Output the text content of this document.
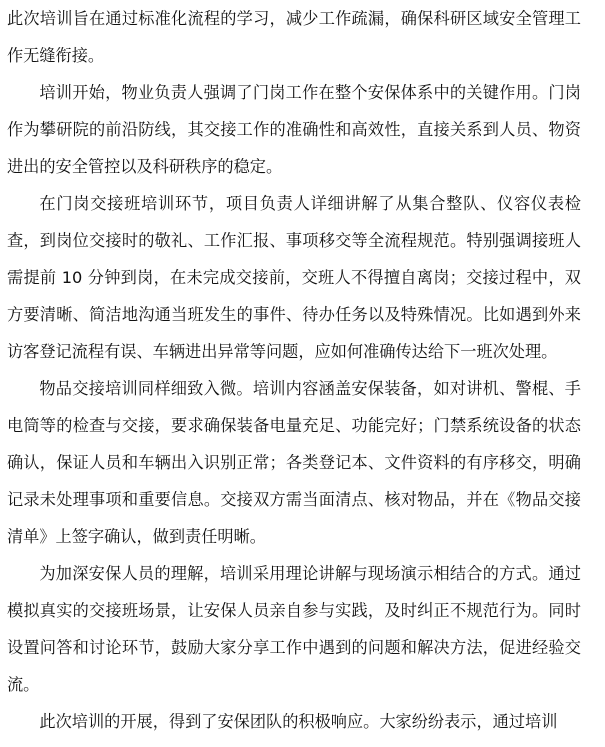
此次培训旨在通过标准化流程的学习，减少工作疏漏，确保科研区域安全管理工作无缝衔接。

培训开始，物业负责人强调了门岗工作在整个安保体系中的关键作用。门岗作为攀研院的前沿防线，其交接工作的准确性和高效性，直接关系到人员、物资进出的安全管控以及科研秩序的稳定。

在门岗交接班培训环节，项目负责人详细讲解了从集合整队、仪容仪表检查，到岗位交接时的敬礼、工作汇报、事项移交等全流程规范。特别强调接班人需提前 10 分钟到岗，在未完成交接前，交班人不得擅自离岗；交接过程中，双方要清晰、简洁地沟通当班发生的事件、待办任务以及特殊情况。比如遇到外来访客登记流程有误、车辆进出异常等问题，应如何准确传达给下一班次处理。

物品交接培训同样细致入微。培训内容涵盖安保装备，如对讲机、警棍、手电筒等的检查与交接，要求确保装备电量充足、功能完好；门禁系统设备的状态确认，保证人员和车辆出入识别正常；各类登记本、文件资料的有序移交，明确记录未处理事项和重要信息。交接双方需当面清点、核对物品，并在《物品交接清单》上签字确认，做到责任明晰。

为加深安保人员的理解，培训采用理论讲解与现场演示相结合的方式。通过模拟真实的交接班场景，让安保人员亲自参与实践，及时纠正不规范行为。同时设置问答和讨论环节，鼓励大家分享工作中遇到的问题和解决方法，促进经验交流。

此次培训的开展，得到了安保团队的积极响应。大家纷纷表示，通过培训
